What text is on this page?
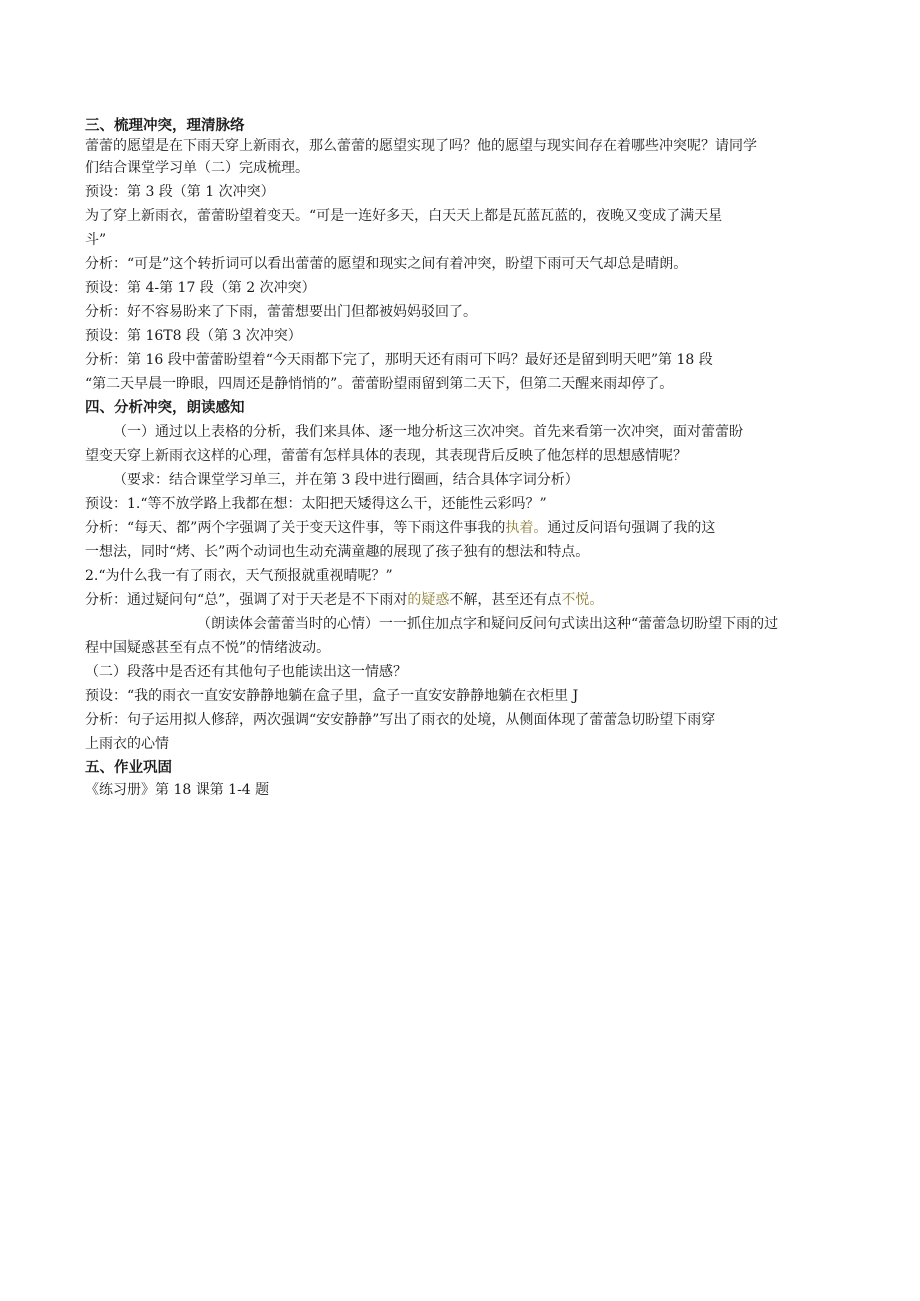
三、梳理冲突，理清脉络
蕾蕾的愿望是在下雨天穿上新雨衣，那么蕾蕾的愿望实现了吗？他的愿望与现实间存在着哪些冲突呢？请同学
们结合课堂学习单（二）完成梳理。
预设：第 3 段（第 1 次冲突）
为了穿上新雨衣，蕾蕾盼望着变天。“可是一连好多天，白天天上都是瓦蓝瓦蓝的，夜晚又变成了满天星
斗”
分析：“可是”这个转折词可以看出蕾蕾的愿望和现实之间有着冲突，盼望下雨可天气却总是晴朗。
预设：第 4-第 17 段（第 2 次冲突）
分析：好不容易盼来了下雨，蕾蕾想要出门但都被妈妈驳回了。
预设：第 16T8 段（第 3 次冲突）
分析：第 16 段中蕾蕾盼望着“今天雨都下完了，那明天还有雨可下吗？最好还是留到明天吧”第 18 段
“第二天早晨一睁眼，四周还是静悄悄的”。蕾蕾盼望雨留到第二天下，但第二天醒来雨却停了。
四、分析冲突，朗读感知
（一）通过以上表格的分析，我们来具体、逐一地分析这三次冲突。首先来看第一次冲突，面对蕾蕾盼
望变天穿上新雨衣这样的心理，蕾蕾有怎样具体的表现，其表现背后反映了他怎样的思想感情呢？
（要求：结合课堂学习单三，并在第 3 段中进行圈画，结合具体字词分析）
预设：1.“等不放学路上我都在想：太阳把天矮得这么干，还能性云彩吗？”
分析：“每天、都”两个字强调了关于变天这件事，等下雨这件事我的执着。通过反问语句强调了我的这
一想法，同时“烤、长”两个动词也生动充满童趣的展现了孩子独有的想法和特点。
2.“为什么我一有了雨衣，天气预报就重视晴呢？”
分析：通过疑问句“总”，强调了对于天老是不下雨对的疑惑不解，甚至还有点不悦。
（朗读体会蕾蕾当时的心情）一一抓住加点字和疑问反问句式读出这种“蕾蕾急切盼望下雨的过
程中国疑惑甚至有点不悦”的情绪波动。
（二）段落中是否还有其他句子也能读出这一情感？
预设：“我的雨衣一直安安静静地躺在盒子里，盒子一直安安静静地躺在衣柜里 J
分析：句子运用拟人修辞，两次强调“安安静静”写出了雨衣的处境，从侧面体现了蕾蕾急切盼望下雨穿
上雨衣的心情
五、作业巩固
《练习册》第 18 课第 1-4 题
